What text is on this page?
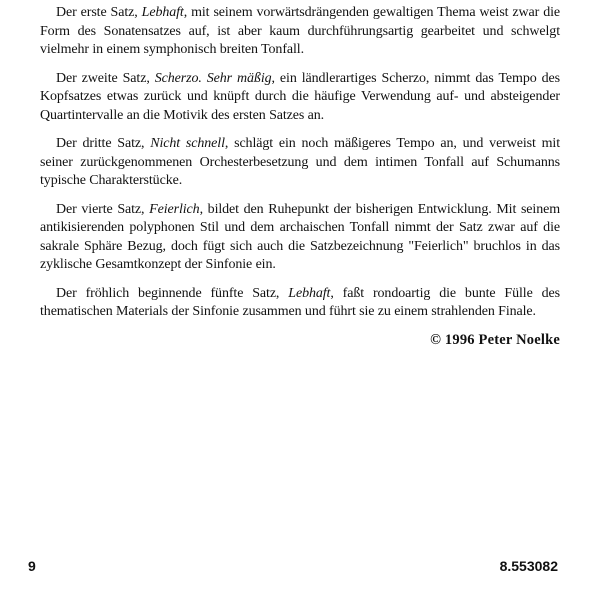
Der erste Satz, Lebhaft, mit seinem vorwärtsdrängenden gewaltigen Thema weist zwar die Form des Sonatensatzes auf, ist aber kaum durchführungsartig gearbeitet und schwelgt vielmehr in einem symphonisch breiten Tonfall.

Der zweite Satz, Scherzo. Sehr mäßig, ein ländlerartiges Scherzo, nimmt das Tempo des Kopfsatzes etwas zurück und knüpft durch die häufige Verwendung auf- und absteigender Quartintervalle an die Motivik des ersten Satzes an.

Der dritte Satz, Nicht schnell, schlägt ein noch mäßigeres Tempo an, und verweist mit seiner zurückgenommenen Orchesterbesetzung und dem intimen Tonfall auf Schumanns typische Charakterstücke.

Der vierte Satz, Feierlich, bildet den Ruhepunkt der bisherigen Entwicklung. Mit seinem antikisierenden polyphonen Stil und dem archaischen Tonfall nimmt der Satz zwar auf die sakrale Sphäre Bezug, doch fügt sich auch die Satzbezeichnung "Feierlich" bruchlos in das zyklische Gesamtkonzept der Sinfonie ein.

Der fröhlich beginnende fünfte Satz, Lebhaft, faßt rondoartig die bunte Fülle des thematischen Materials der Sinfonie zusammen und führt sie zu einem strahlenden Finale.

© 1996 Peter Noelke

9	8.553082
